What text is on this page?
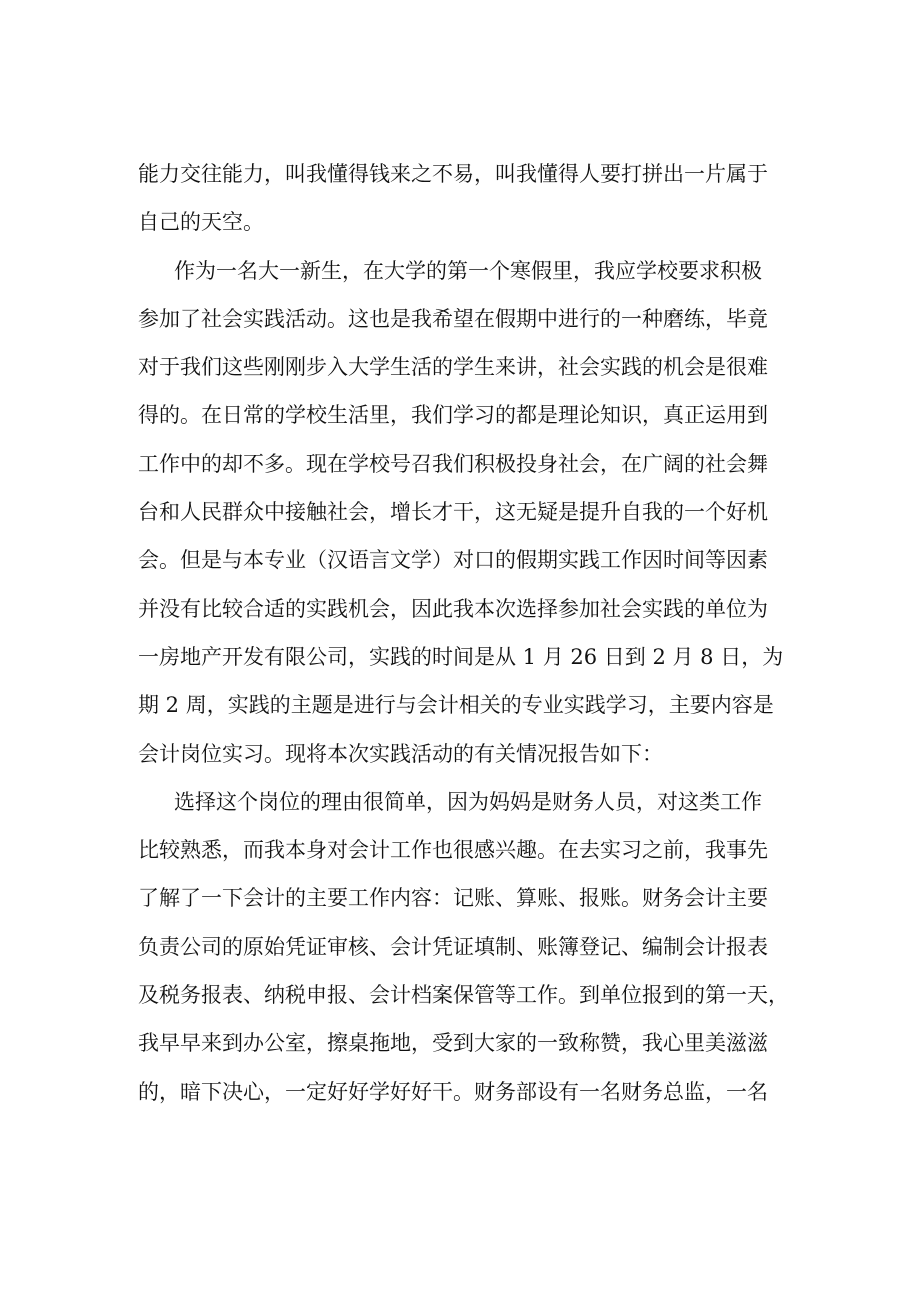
能力交往能力，叫我懂得钱来之不易，叫我懂得人要打拼出一片属于
自己的天空。
作为一名大一新生，在大学的第一个寒假里，我应学校要求积极
参加了社会实践活动。这也是我希望在假期中进行的一种磨练，毕竟
对于我们这些刚刚步入大学生活的学生来讲，社会实践的机会是很难
得的。在日常的学校生活里，我们学习的都是理论知识，真正运用到
工作中的却不多。现在学校号召我们积极投身社会，在广阔的社会舞
台和人民群众中接触社会，增长才干，这无疑是提升自我的一个好机
会。但是与本专业（汉语言文学）对口的假期实践工作因时间等因素
并没有比较合适的实践机会，因此我本次选择参加社会实践的单位为
一房地产开发有限公司，实践的时间是从 1 月 26 日到 2 月 8 日，为
期 2 周，实践的主题是进行与会计相关的专业实践学习，主要内容是
会计岗位实习。现将本次实践活动的有关情况报告如下：
选择这个岗位的理由很简单，因为妈妈是财务人员，对这类工作
比较熟悉，而我本身对会计工作也很感兴趣。在去实习之前，我事先
了解了一下会计的主要工作内容：记账、算账、报账。财务会计主要
负责公司的原始凭证审核、会计凭证填制、账簿登记、编制会计报表
及税务报表、纳税申报、会计档案保管等工作。到单位报到的第一天，
我早早来到办公室，擦桌拖地，受到大家的一致称赞，我心里美滋滋
的，暗下决心，一定好好学好好干。财务部设有一名财务总监，一名
